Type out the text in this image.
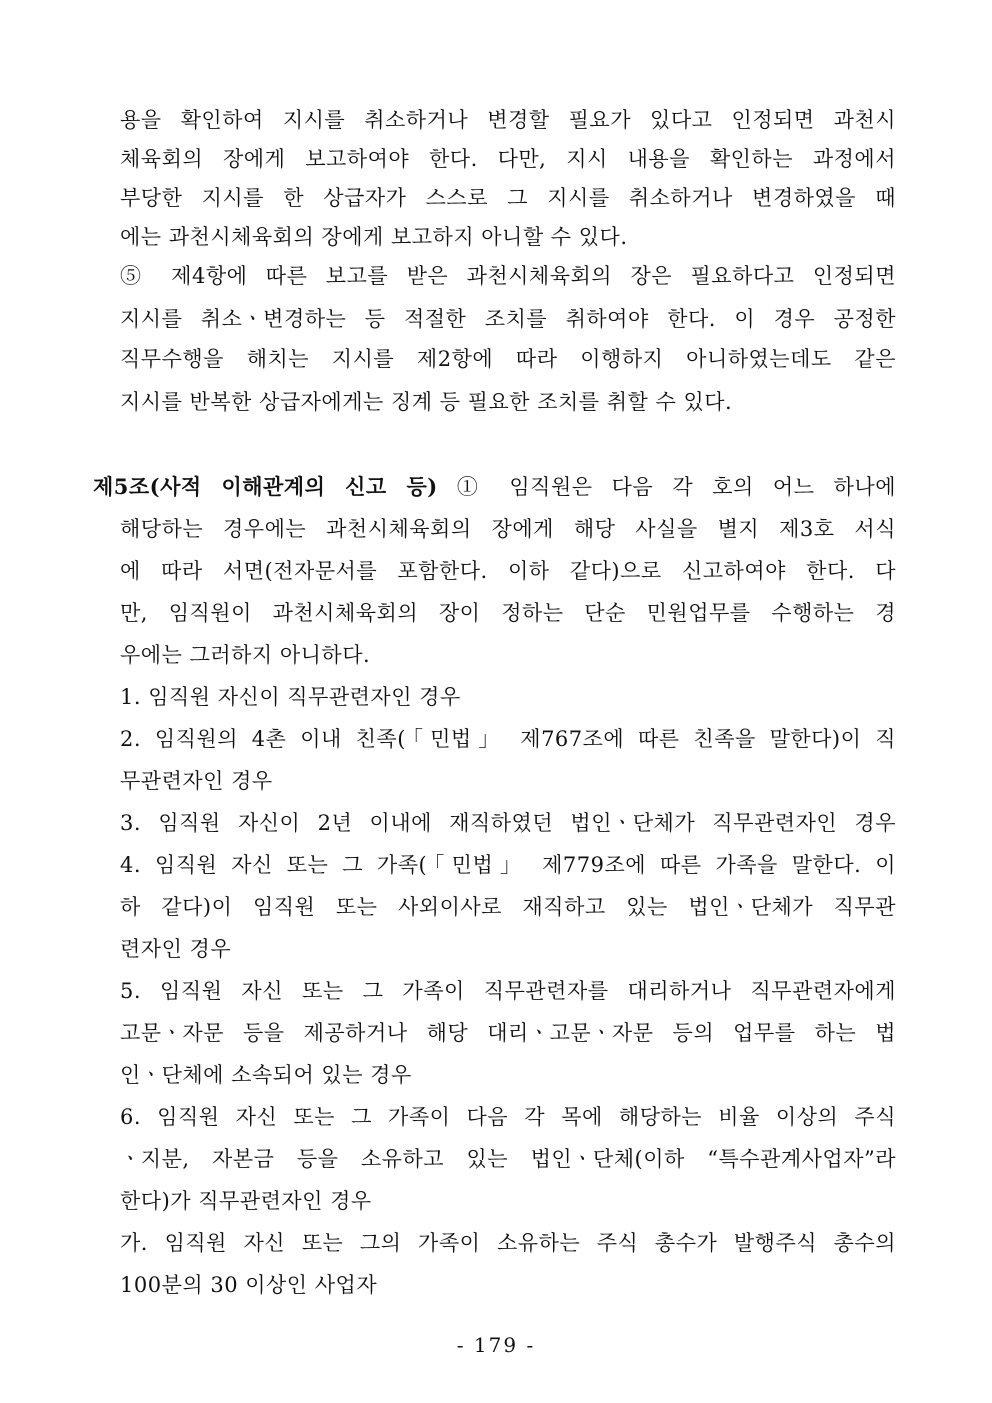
용을 확인하여 지시를 취소하거나 변경할 필요가 있다고 인정되면 과천시
체육회의 장에게 보고하여야 한다. 다만, 지시 내용을 확인하는 과정에서
부당한 지시를 한 상급자가 스스로 그 지시를 취소하거나 변경하였을 때
에는 과천시체육회의 장에게 보고하지 아니할 수 있다.
⑤ 제4항에 따른 보고를 받은 과천시체육회의 장은 필요하다고 인정되면
지시를 취소ㆍ변경하는 등 적절한 조치를 취하여야 한다. 이 경우 공정한
직무수행을 해치는 지시를 제2항에 따라 이행하지 아니하였는데도 같은
지시를 반복한 상급자에게는 징계 등 필요한 조치를 취할 수 있다.
제5조(사적 이해관계의 신고 등) ① 임직원은 다음 각 호의 어느 하나에
해당하는 경우에는 과천시체육회의 장에게 해당 사실을 별지 제3호 서식
에 따라 서면(전자문서를 포함한다. 이하 같다)으로 신고하여야 한다. 다
만, 임직원이 과천시체육회의 장이 정하는 단순 민원업무를 수행하는 경
우에는 그러하지 아니하다.
1. 임직원 자신이 직무관련자인 경우
2. 임직원의 4촌 이내 친족(「민법」 제767조에 따른 친족을 말한다)이 직
무관련자인 경우
3. 임직원 자신이 2년 이내에 재직하였던 법인ㆍ단체가 직무관련자인 경우
4. 임직원 자신 또는 그 가족(「민법」 제779조에 따른 가족을 말한다. 이
하 같다)이 임직원 또는 사외이사로 재직하고 있는 법인ㆍ단체가 직무관
련자인 경우
5. 임직원 자신 또는 그 가족이 직무관련자를 대리하거나 직무관련자에게
고문ㆍ자문 등을 제공하거나 해당 대리ㆍ고문ㆍ자문 등의 업무를 하는 법
인ㆍ단체에 소속되어 있는 경우
6. 임직원 자신 또는 그 가족이 다음 각 목에 해당하는 비율 이상의 주식
ㆍ지분, 자본금 등을 소유하고 있는 법인ㆍ단체(이하 “특수관계사업자”라
한다)가 직무관련자인 경우
가. 임직원 자신 또는 그의 가족이 소유하는 주식 총수가 발행주식 총수의
100분의 30 이상인 사업자
- 179 -
